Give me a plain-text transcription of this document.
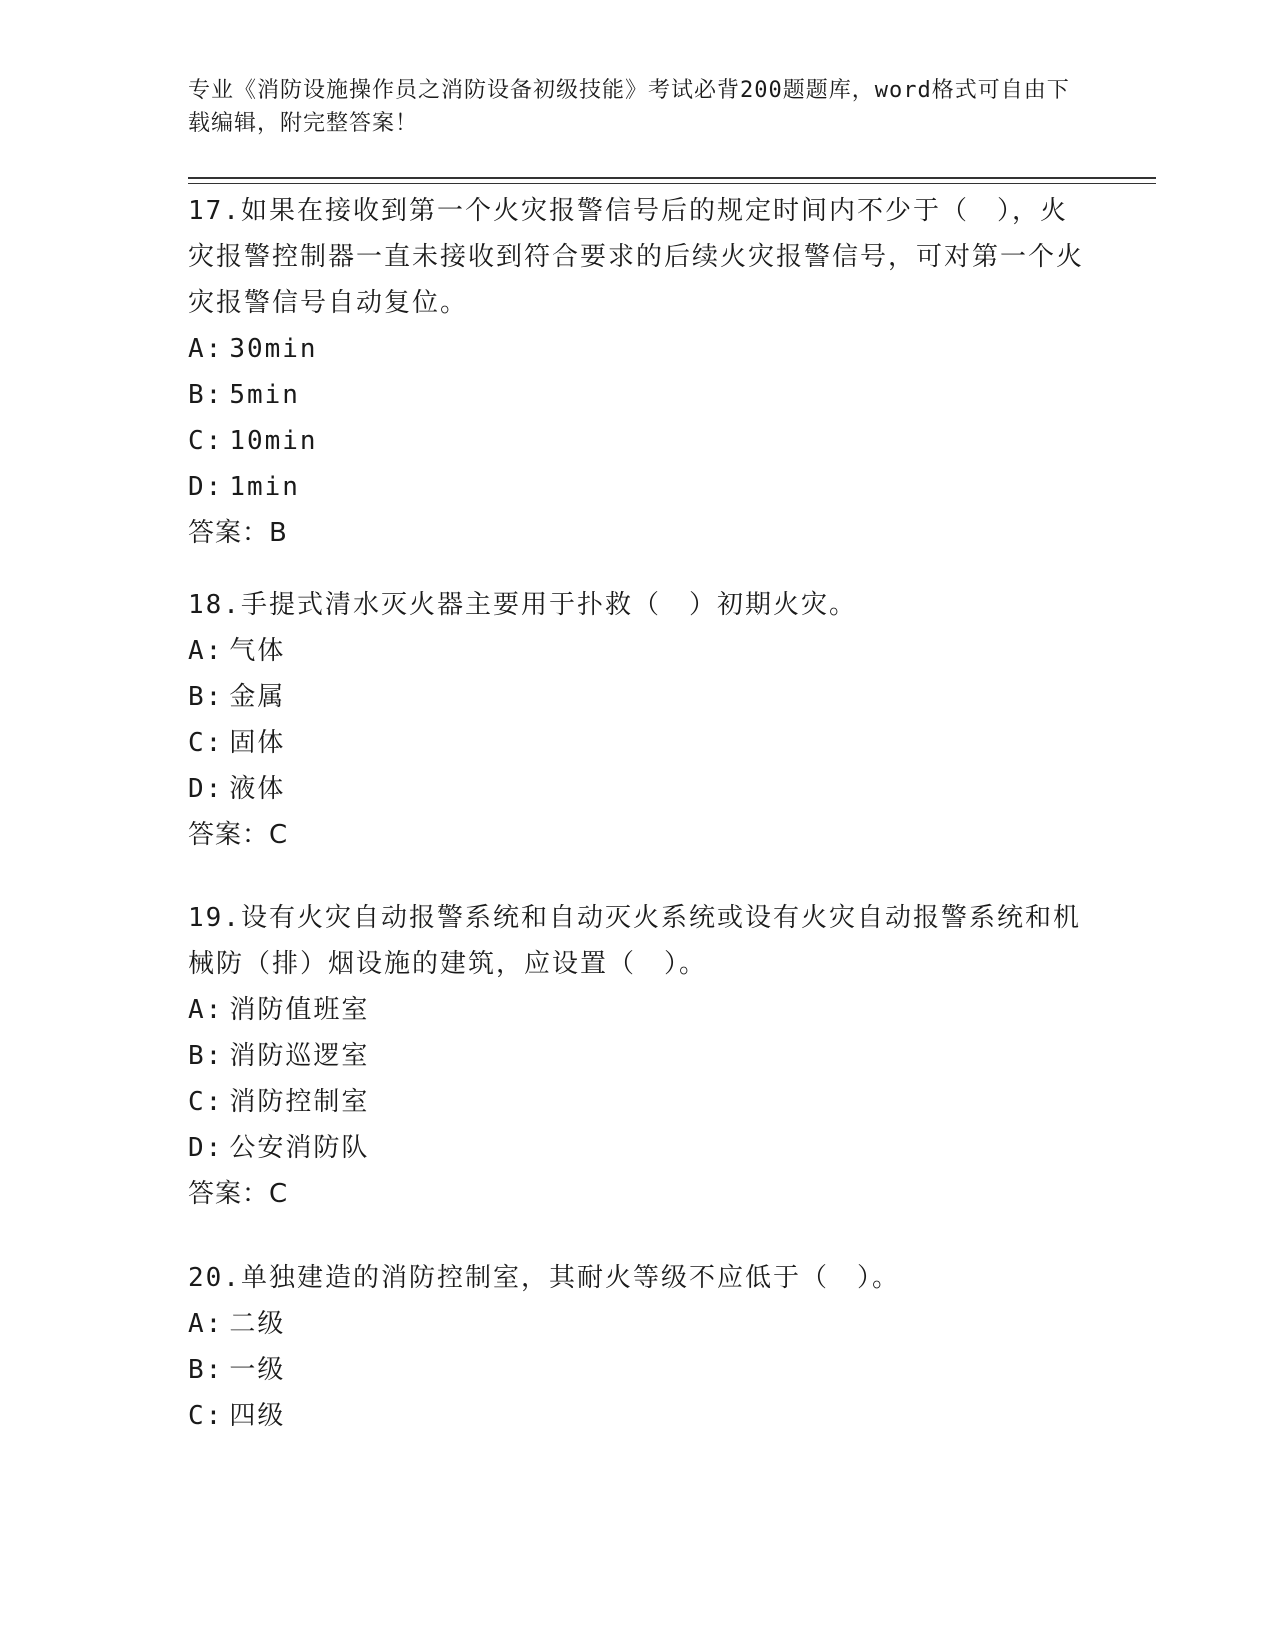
专业《消防设施操作员之消防设备初级技能》考试必背200题题库，word格式可自由下载编辑，附完整答案！

17.如果在接收到第一个火灾报警信号后的规定时间内不少于（　），火灾报警控制器一直未接收到符合要求的后续火灾报警信号，可对第一个火灾报警信号自动复位。

A: 30min
B: 5min
C: 10min
D: 1min
答案：B

18.手提式清水灭火器主要用于扑救（　）初期火灾。

A: 气体
B: 金属
C: 固体
D: 液体
答案：C

19.设有火灾自动报警系统和自动灭火系统或设有火灾自动报警系统和机械防（排）烟设施的建筑，应设置（　）。

A: 消防值班室
B: 消防巡逻室
C: 消防控制室
D: 公安消防队
答案：C

20.单独建造的消防控制室，其耐火等级不应低于（　）。

A: 二级
B: 一级
C: 四级
